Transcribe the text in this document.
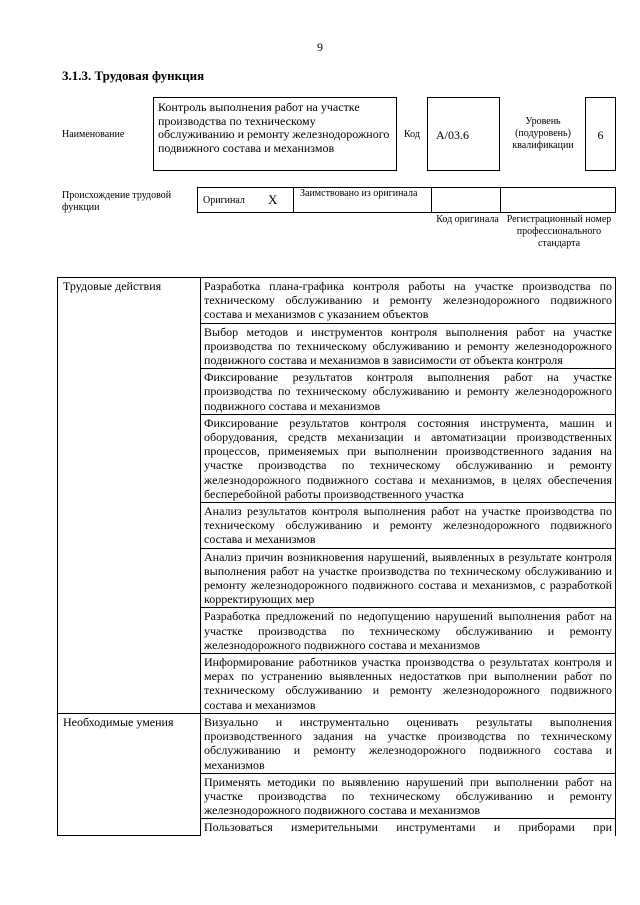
9
3.1.3. Трудовая функция
Наименование
Контроль выполнения работ на участке производства по техническому обслуживанию и ремонту железнодорожного подвижного состава и механизмов
Код	А/03.6
Уровень (подуровень) квалификации
6
Происхождение трудовой функции
Оригинал Х	Заимствовано из оригинала
Код оригинала Регистрационный номер профессионального стандарта
Трудовые действия	Разработка плана-графика контроля работы на участке производства по техническому обслуживанию и ремонту железнодорожного подвижного состава и механизмов с указанием объектов
	Выбор методов и инструментов контроля выполнения работ на участке производства по техническому обслуживанию и ремонту железнодорожного подвижного состава и механизмов в зависимости от объекта контроля
	Фиксирование результатов контроля выполнения работ на участке производства по техническому обслуживанию и ремонту железнодорожного подвижного состава и механизмов
	Фиксирование результатов контроля состояния инструмента, машин и оборудования, средств механизации и автоматизации производственных процессов, применяемых при выполнении производственного задания на участке производства по техническому обслуживанию и ремонту железнодорожного подвижного состава и механизмов, в целях обеспечения бесперебойной работы производственного участка
	Анализ результатов контроля выполнения работ на участке производства по техническому обслуживанию и ремонту железнодорожного подвижного состава и механизмов
	Анализ причин возникновения нарушений, выявленных в результате контроля выполнения работ на участке производства по техническому обслуживанию и ремонту железнодорожного подвижного состава и механизмов, с разработкой корректирующих мер
	Разработка предложений по недопущению нарушений выполнения работ на участке производства по техническому обслуживанию и ремонту железнодорожного подвижного состава и механизмов
	Информирование работников участка производства о результатах контроля и мерах по устранению выявленных недостатков при выполнении работ по техническому обслуживанию и ремонту железнодорожного подвижного состава и механизмов
Необходимые умения	Визуально и инструментально оценивать результаты выполнения производственного задания на участке производства по техническому обслуживанию и ремонту железнодорожного подвижного состава и механизмов
	Применять методики по выявлению нарушений при выполнении работ на участке производства по техническому обслуживанию и ремонту железнодорожного подвижного состава и механизмов
	Пользоваться измерительными инструментами и приборами при
